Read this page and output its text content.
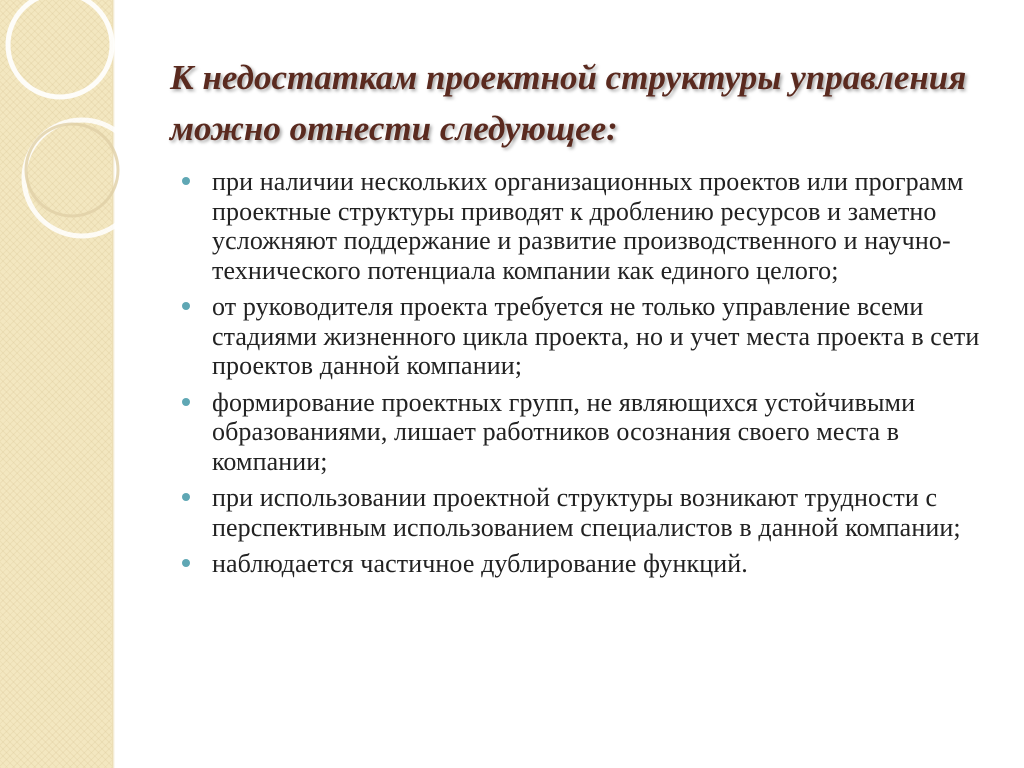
К недостаткам проектной структуры управления можно отнести следующее:
при наличии нескольких организационных проектов или программ проектные структуры приводят к дроблению ресурсов и заметно усложняют поддержание и развитие производственного и научно-технического потенциала компании как единого целого;
от руководителя проекта требуется не только управление всеми стадиями жизненного цикла проекта, но и учет места проекта в сети проектов данной компании;
формирование проектных групп, не являющихся устойчивыми образованиями, лишает работников осознания своего места в компании;
при использовании проектной структуры возникают трудности с перспективным использованием специалистов в данной компании;
наблюдается частичное дублирование функций.
